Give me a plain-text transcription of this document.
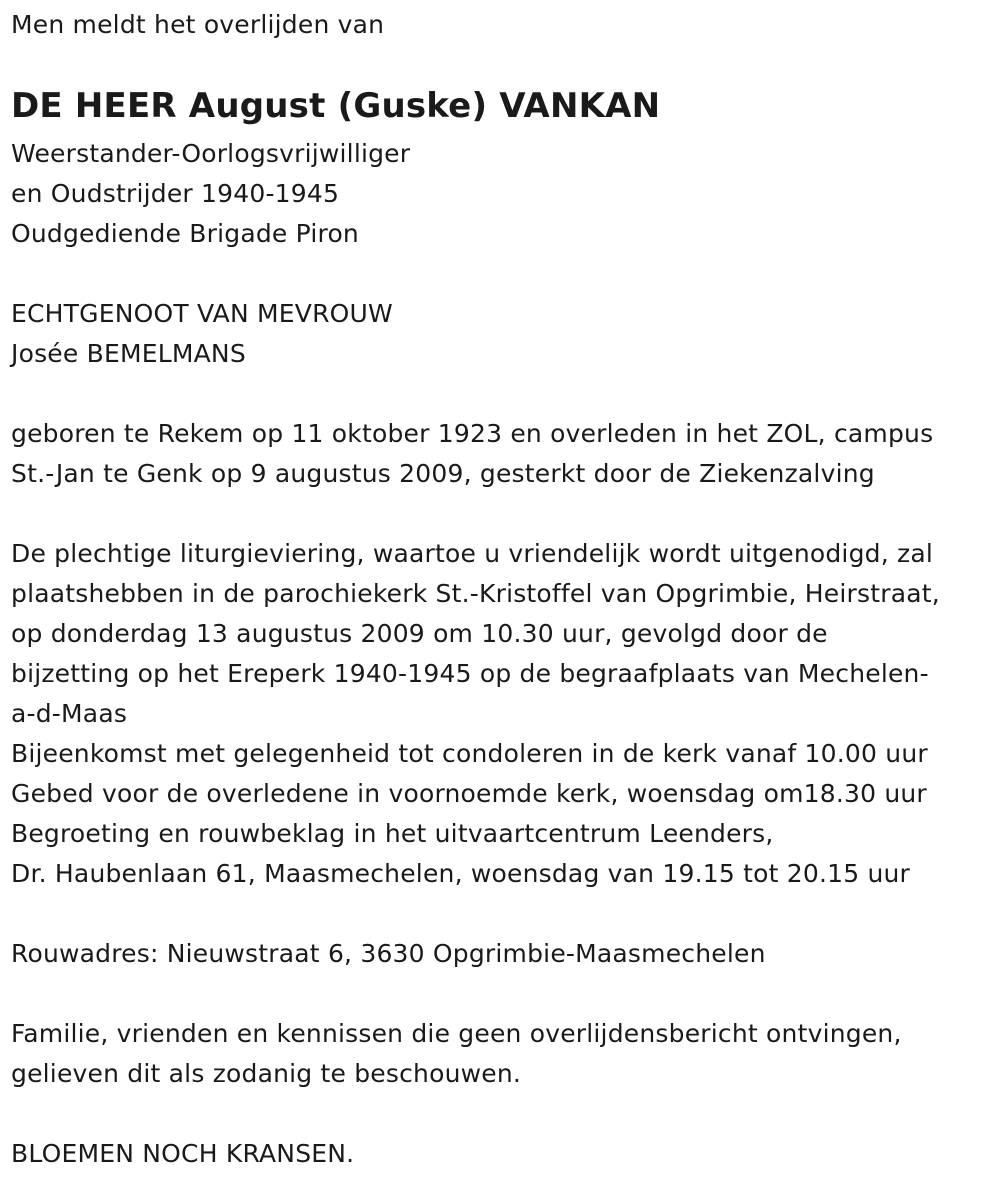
Men meldt het overlijden van
DE HEER August (Guske) VANKAN
Weerstander-Oorlogsvrijwilliger
en Oudstrijder 1940-1945
Oudgediende Brigade Piron
ECHTGENOOT VAN MEVROUW
Josée BEMELMANS
geboren te Rekem op 11 oktober 1923 en overleden in het ZOL, campus
St.-Jan te Genk op 9 augustus 2009, gesterkt door de Ziekenzalving
De plechtige liturgieviering, waartoe u vriendelijk wordt uitgenodigd, zal
plaatshebben in de parochiekerk St.-Kristoffel van Opgrimbie, Heirstraat,
op donderdag 13 augustus 2009 om 10.30 uur, gevolgd door de
bijzetting op het Ereperk 1940-1945 op de begraafplaats van Mechelen-
a-d-Maas
Bijeenkomst met gelegenheid tot condoleren in de kerk vanaf 10.00 uur
Gebed voor de overledene in voornoemde kerk, woensdag om18.30 uur
Begroeting en rouwbeklag in het uitvaartcentrum Leenders,
Dr. Haubenlaan 61, Maasmechelen, woensdag van 19.15 tot 20.15 uur
Rouwadres: Nieuwstraat 6, 3630 Opgrimbie-Maasmechelen
Familie, vrienden en kennissen die geen overlijdensbericht ontvingen,
gelieven dit als zodanig te beschouwen.
BLOEMEN NOCH KRANSEN.
